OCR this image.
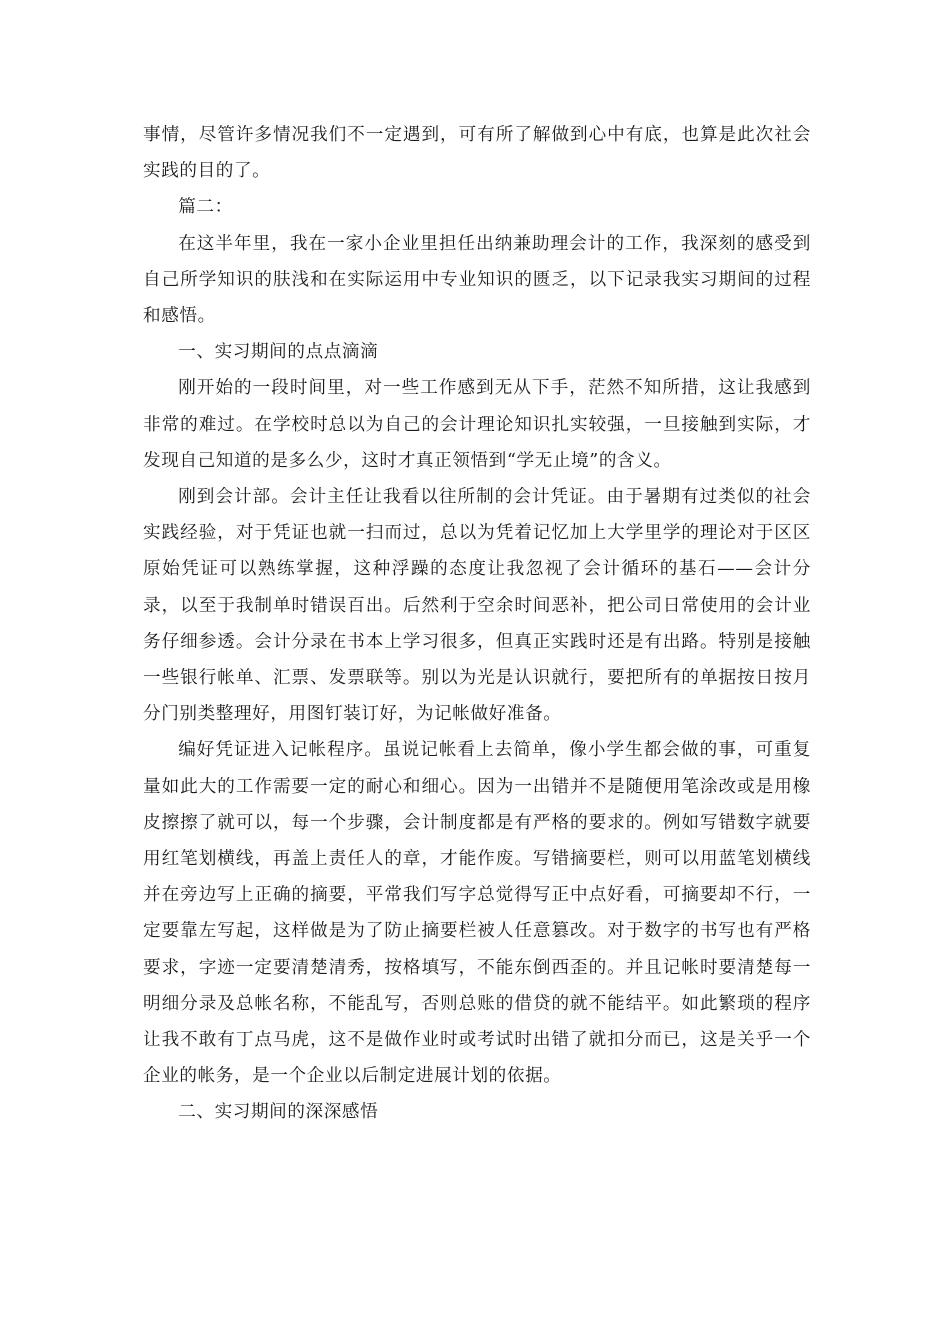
事情，尽管许多情况我们不一定遇到，可有所了解做到心中有底，也算是此次社会实践的目的了。

篇二：

在这半年里，我在一家小企业里担任出纳兼助理会计的工作，我深刻的感受到自己所学知识的肤浅和在实际运用中专业知识的匮乏，以下记录我实习期间的过程和感悟。

一、实习期间的点点滴滴

刚开始的一段时间里，对一些工作感到无从下手，茫然不知所措，这让我感到非常的难过。在学校时总以为自己的会计理论知识扎实较强，一旦接触到实际，才发现自己知道的是多么少，这时才真正领悟到“学无止境”的含义。

刚到会计部。会计主任让我看以往所制的会计凭证。由于暑期有过类似的社会实践经验，对于凭证也就一扫而过，总以为凭着记忆加上大学里学的理论对于区区原始凭证可以熟练掌握，这种浮躁的态度让我忽视了会计循环的基石——会计分录，以至于我制单时错误百出。后然利于空余时间恶补，把公司日常使用的会计业务仔细参透。会计分录在书本上学习很多，但真正实践时还是有出路。特别是接触一些银行帐单、汇票、发票联等。别以为光是认识就行，要把所有的单据按日按月分门别类整理好，用图钉装订好，为记帐做好准备。

编好凭证进入记帐程序。虽说记帐看上去简单，像小学生都会做的事，可重复量如此大的工作需要一定的耐心和细心。因为一出错并不是随便用笔涂改或是用橡皮擦擦了就可以，每一个步骤，会计制度都是有严格的要求的。例如写错数字就要用红笔划横线，再盖上责任人的章，才能作废。写错摘要栏，则可以用蓝笔划横线并在旁边写上正确的摘要，平常我们写字总觉得写正中点好看，可摘要却不行，一定要靠左写起，这样做是为了防止摘要栏被人任意篡改。对于数字的书写也有严格要求，字迹一定要清楚清秀，按格填写，不能东倒西歪的。并且记帐时要清楚每一明细分录及总帐名称，不能乱写，否则总账的借贷的就不能结平。如此繁琐的程序让我不敢有丁点马虎，这不是做作业时或考试时出错了就扣分而已，这是关乎一个企业的帐务，是一个企业以后制定进展计划的依据。

二、实习期间的深深感悟
